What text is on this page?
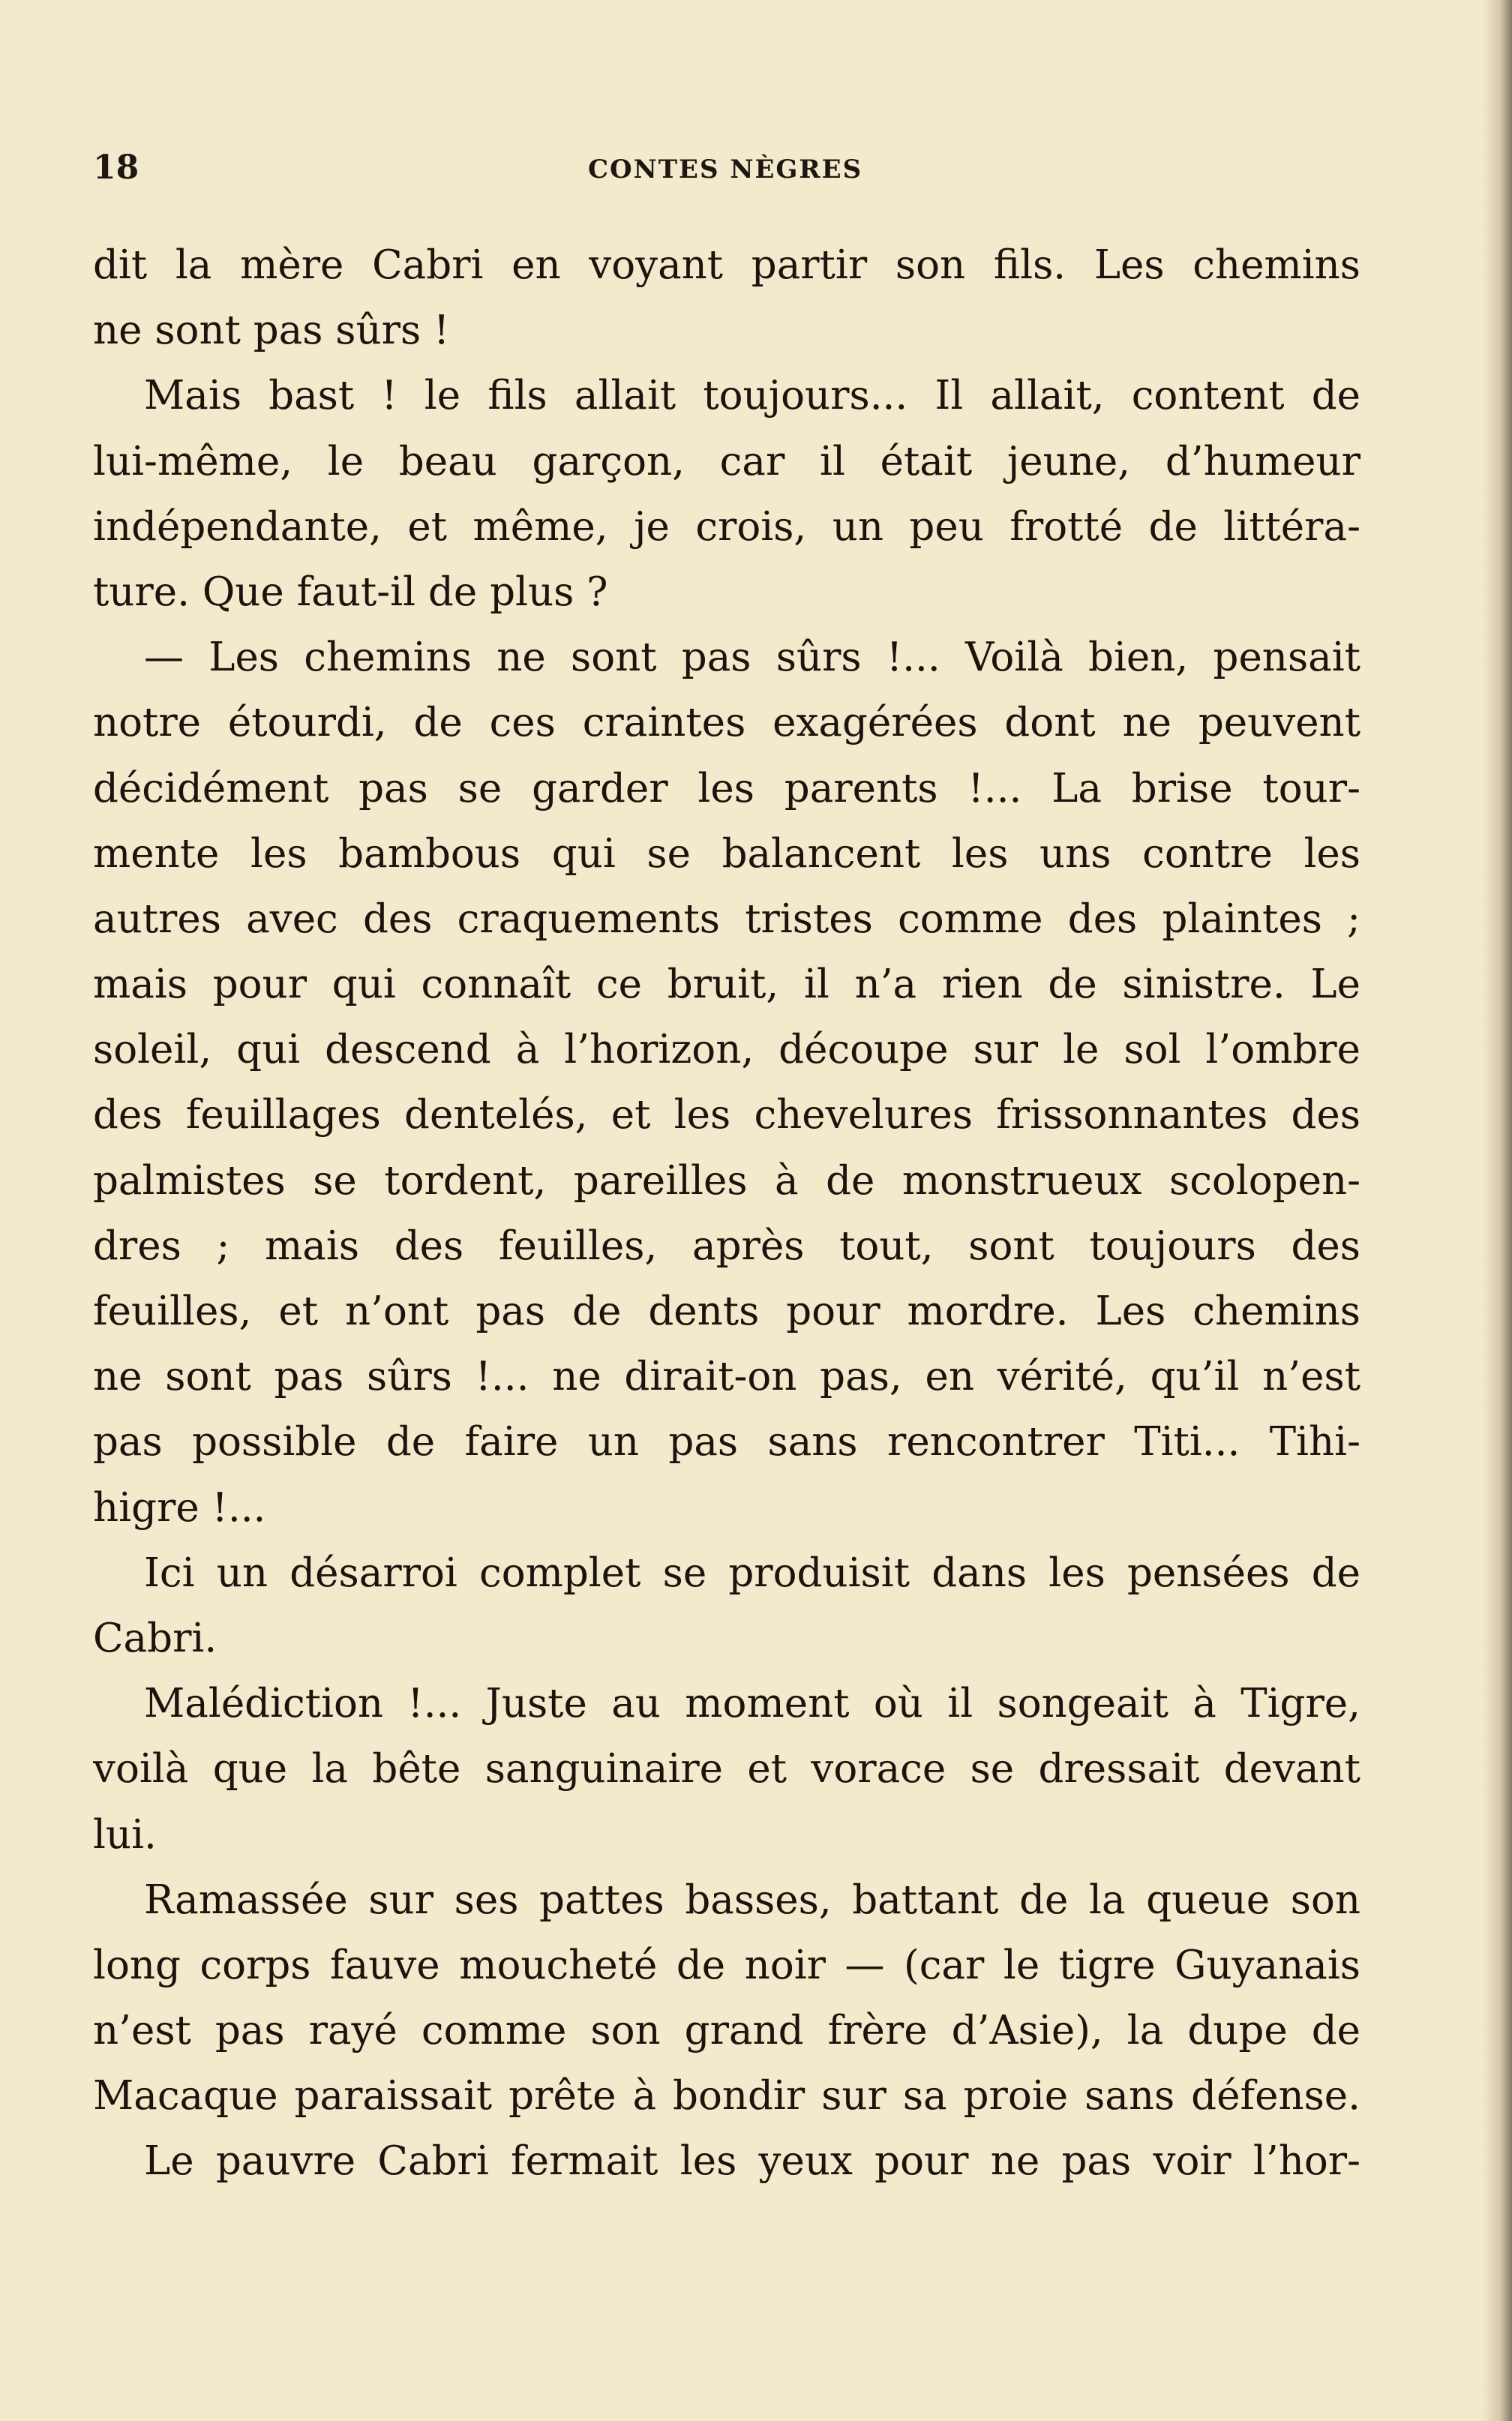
18	CONTES NÈGRES
dit la mère Cabri en voyant partir son fils. Les chemins
ne sont pas sûrs !
Mais bast ! le fils allait toujours... Il allait, content de
lui-même, le beau garçon, car il était jeune, d’humeur
indépendante, et même, je crois, un peu frotté de littéra-
ture. Que faut-il de plus ?
— Les chemins ne sont pas sûrs !... Voilà bien, pensait
notre étourdi, de ces craintes exagérées dont ne peuvent
décidément pas se garder les parents !... La brise tour-
mente les bambous qui se balancent les uns contre les
autres avec des craquements tristes comme des plaintes ;
mais pour qui connaît ce bruit, il n’a rien de sinistre. Le
soleil, qui descend à l’horizon, découpe sur le sol l’ombre
des feuillages dentelés, et les chevelures frissonnantes des
palmistes se tordent, pareilles à de monstrueux scolopen-
dres ; mais des feuilles, après tout, sont toujours des
feuilles, et n’ont pas de dents pour mordre. Les chemins
ne sont pas sûrs !... ne dirait-on pas, en vérité, qu’il n’est
pas possible de faire un pas sans rencontrer Titi... Tihi-
higre !...
Ici un désarroi complet se produisit dans les pensées de
Cabri.
Malédiction !... Juste au moment où il songeait à Tigre,
voilà que la bête sanguinaire et vorace se dressait devant
lui.
Ramassée sur ses pattes basses, battant de la queue son
long corps fauve moucheté de noir — (car le tigre Guyanais
n’est pas rayé comme son grand frère d’Asie), la dupe de
Macaque paraissait prête à bondir sur sa proie sans défense.
Le pauvre Cabri fermait les yeux pour ne pas voir l’hor-
